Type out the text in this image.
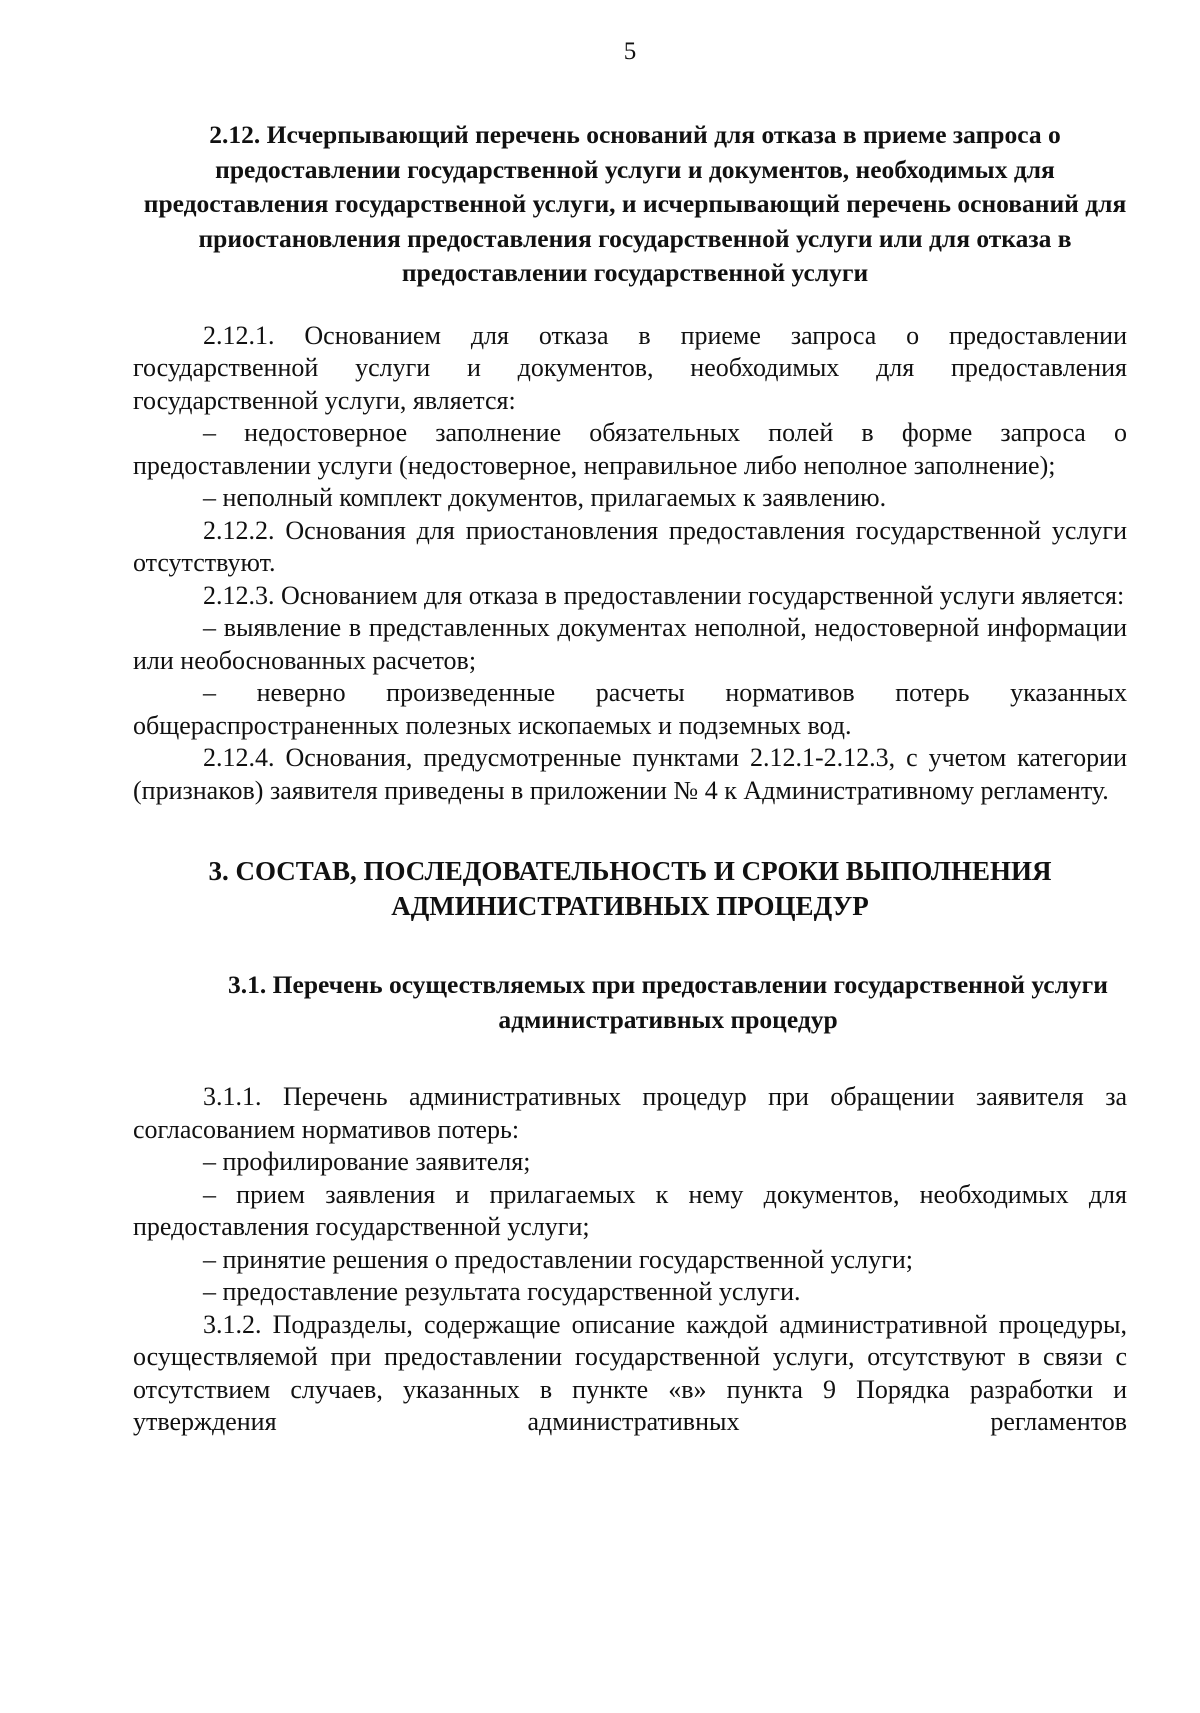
5
2.12. Исчерпывающий перечень оснований для отказа в приеме запроса о предоставлении государственной услуги и документов, необходимых для предоставления государственной услуги, и исчерпывающий перечень оснований для приостановления предоставления государственной услуги или для отказа в предоставлении государственной услуги

2.12.1. Основанием для отказа в приеме запроса о предоставлении государственной услуги и документов, необходимых для предоставления государственной услуги, является:

– недостоверное заполнение обязательных полей в форме запроса о предоставлении услуги (недостоверное, неправильное либо неполное заполнение);

– неполный комплект документов, прилагаемых к заявлению.

2.12.2. Основания для приостановления предоставления государственной услуги отсутствуют.

2.12.3. Основанием для отказа в предоставлении государственной услуги является:

– выявление в представленных документах неполной, недостоверной информации или необоснованных расчетов;

– неверно произведенные расчеты нормативов потерь указанных общераспространенных полезных ископаемых и подземных вод.

2.12.4. Основания, предусмотренные пунктами 2.12.1-2.12.3, с учетом категории (признаков) заявителя приведены в приложении № 4 к Административному регламенту.

3. СОСТАВ, ПОСЛЕДОВАТЕЛЬНОСТЬ И СРОКИ ВЫПОЛНЕНИЯ АДМИНИСТРАТИВНЫХ ПРОЦЕДУР
3.1. Перечень осуществляемых при предоставлении государственной услуги административных процедур

3.1.1. Перечень административных процедур при обращении заявителя за согласованием нормативов потерь:

– профилирование заявителя;

– прием заявления и прилагаемых к нему документов, необходимых для предоставления государственной услуги;

– принятие решения о предоставлении государственной услуги;

– предоставление результата государственной услуги.

3.1.2. Подразделы, содержащие описание каждой административной процедуры, осуществляемой при предоставлении государственной услуги, отсутствуют в связи с отсутствием случаев, указанных в пункте «в» пункта 9 Порядка разработки и утверждения административных регламентов
